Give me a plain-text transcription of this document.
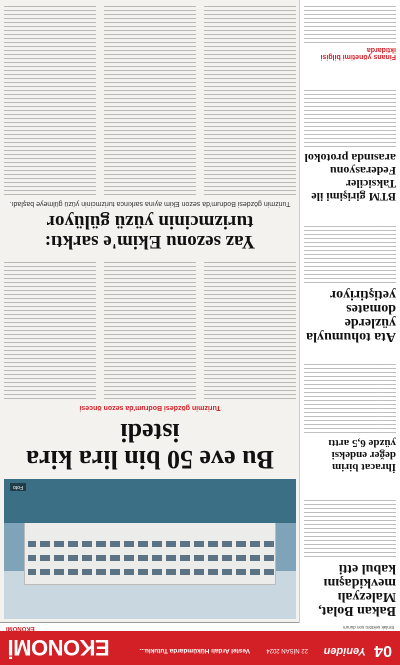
04
Yeniden
22 NİSAN 2024
Vestel Ardalı Hükümdarda Tutuklu...
EKONOMİ
Emlak sektörü son durum
EKONOMİ
Bakan Bolat, Malezyalı mevkidaşını kabul etti
İhracat birim değer endeksi yüzde 6,5 arttı
Ata tohumuyla yüzlerde domates yetiştiriyor
BTM girişimi ile Taksiciler Federasyonu arasında protokol
Finans yönetimi bilgisi iktidarda
Foto
Bu eve 50 bin lira kira istedi
Turizmin gözdesi Bodrum'da sezon öncesi
Yaz sezonu Ekim'e sarktı: turizmcinin yüzü gülüyor
Turizmin gözdesi Bodrum'da sezon Ekim ayına sarkınca turizmcinin yüzü gülmeye başladı.
